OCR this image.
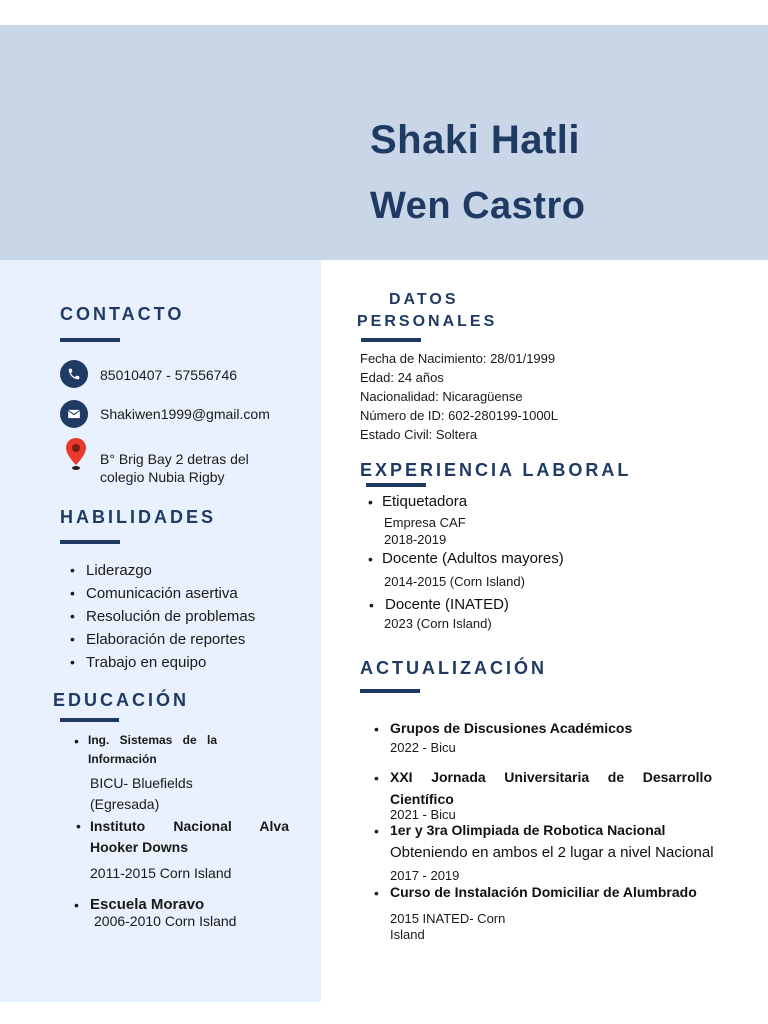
Shaki Hatli
Wen Castro
CONTACTO

85010407 - 57556746

Shakiwen1999@gmail.com

B° Brig Bay 2 detras del

colegio Nubia Rigby

HABILIDADES
• Liderazgo
• Comunicación asertiva
• Resolución de problemas
• Elaboración de reportes
• Trabajo en equipo
EDUCACIÓN
• Ing. Sistemas de la

Información

BICU- Bluefields

(Egresada)

• Instituto Nacional Alva

Hooker Downs

2011-2015 Corn Island

• Escuela Moravo

2006-2010 Corn Island

DATOS
PERSONALES
Fecha de Nacimiento: 28/01/1999
Edad: 24 años
Nacionalidad: Nicaragüense
Número de ID: 602-280199-1000L
Estado Civil: Soltera
EXPERIENCIA LABORAL
• Etiquetadora

Empresa CAF

2018-2019

• Docente (Adultos mayores)

2014-2015 (Corn Island)

• Docente (INATED)

2023 (Corn Island)

ACTUALIZACIÓN
• Grupos de Discusiones Académicos

2022 - Bicu

• XXI Jornada Universitaria de Desarrollo

Científico

2021 - Bicu

• 1er y 3ra Olimpiada de Robotica Nacional

Obteniendo en ambos el 2 lugar a nivel Nacional

2017 - 2019

• Curso de Instalación Domiciliar de Alumbrado

2015 INATED- Corn

Island
